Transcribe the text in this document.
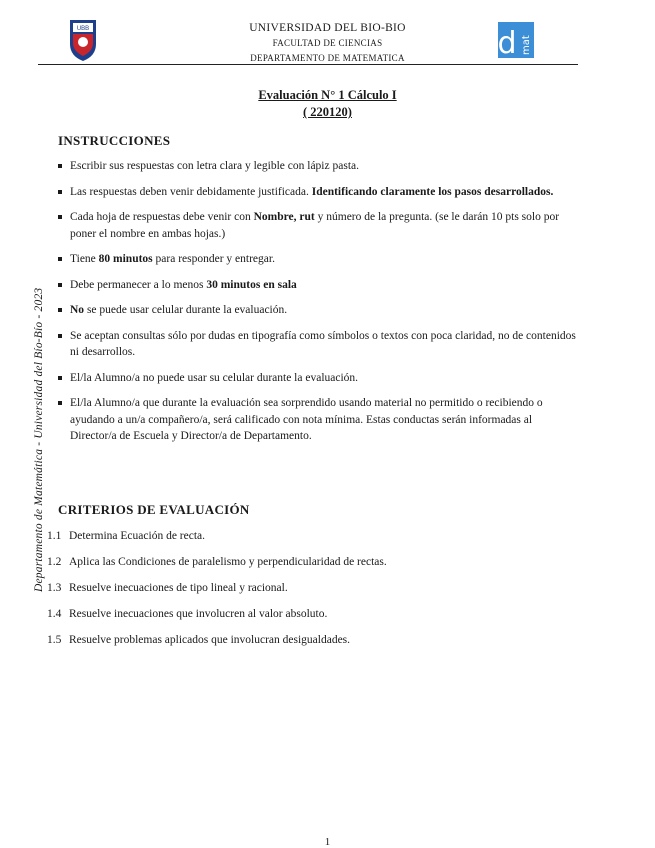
UBB	UNIVERSIDAD DEL BIO-BIO
FACULTAD DE CIENCIAS
DEPARTAMENTO DE MATEMATICA	d mat
Evaluación N° 1 Cálculo I
( 220120)
Departamento de Matemática - Universidad del Bío-Bío - 2023
INSTRUCCIONES
Escribir sus respuestas con letra clara y legible con lápiz pasta.
Las respuestas deben venir debidamente justificada. Identificando claramente los pasos desarrollados.
Cada hoja de respuestas debe venir con Nombre, rut y número de la pregunta. (se le darán 10 pts solo por poner el nombre en ambas hojas.)
Tiene 80 minutos para responder y entregar.
Debe permanecer a lo menos 30 minutos en sala
No se puede usar celular durante la evaluación.
Se aceptan consultas sólo por dudas en tipografía como símbolos o textos con poca claridad, no de contenidos ni desarrollos.
El/la Alumno/a no puede usar su celular durante la evaluación.
El/la Alumno/a que durante la evaluación sea sorprendido usando material no permitido o recibiendo o ayudando a un/a compañero/a, será calificado con nota mínima. Estas conductas serán informadas al Director/a de Escuela y Director/a de Departamento.
CRITERIOS DE EVALUACIÓN
1.1 Determina Ecuación de recta.
1.2 Aplica las Condiciones de paralelismo y perpendicularidad de rectas.
1.3 Resuelve inecuaciones de tipo lineal y racional.
1.4 Resuelve inecuaciones que involucren al valor absoluto.
1.5 Resuelve problemas aplicados que involucran desigualdades.
1
